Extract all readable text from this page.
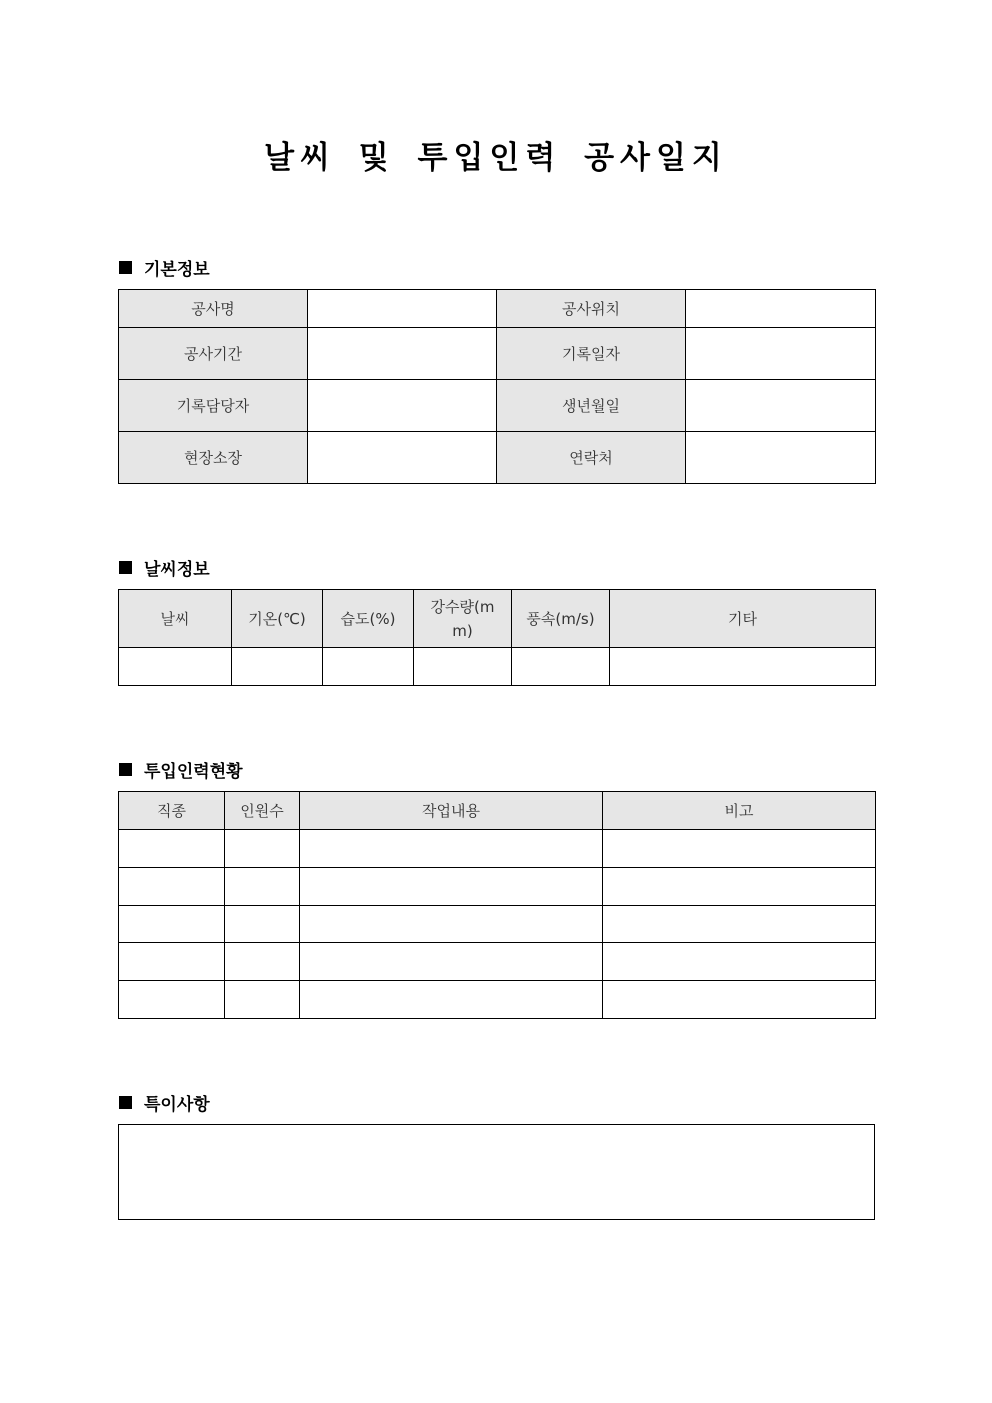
날씨 및 투입인력 공사일지
기본정보
공사명		공사위치	
공사기간		기록일자	
기록담당자		생년월일	
현장소장		연락처	
날씨정보
날씨	기온(℃)	습도(%)	강수량(mm)	풍속(m/s)	기타

투입인력현황
직종	인원수	작업내용	비고

특이사항
